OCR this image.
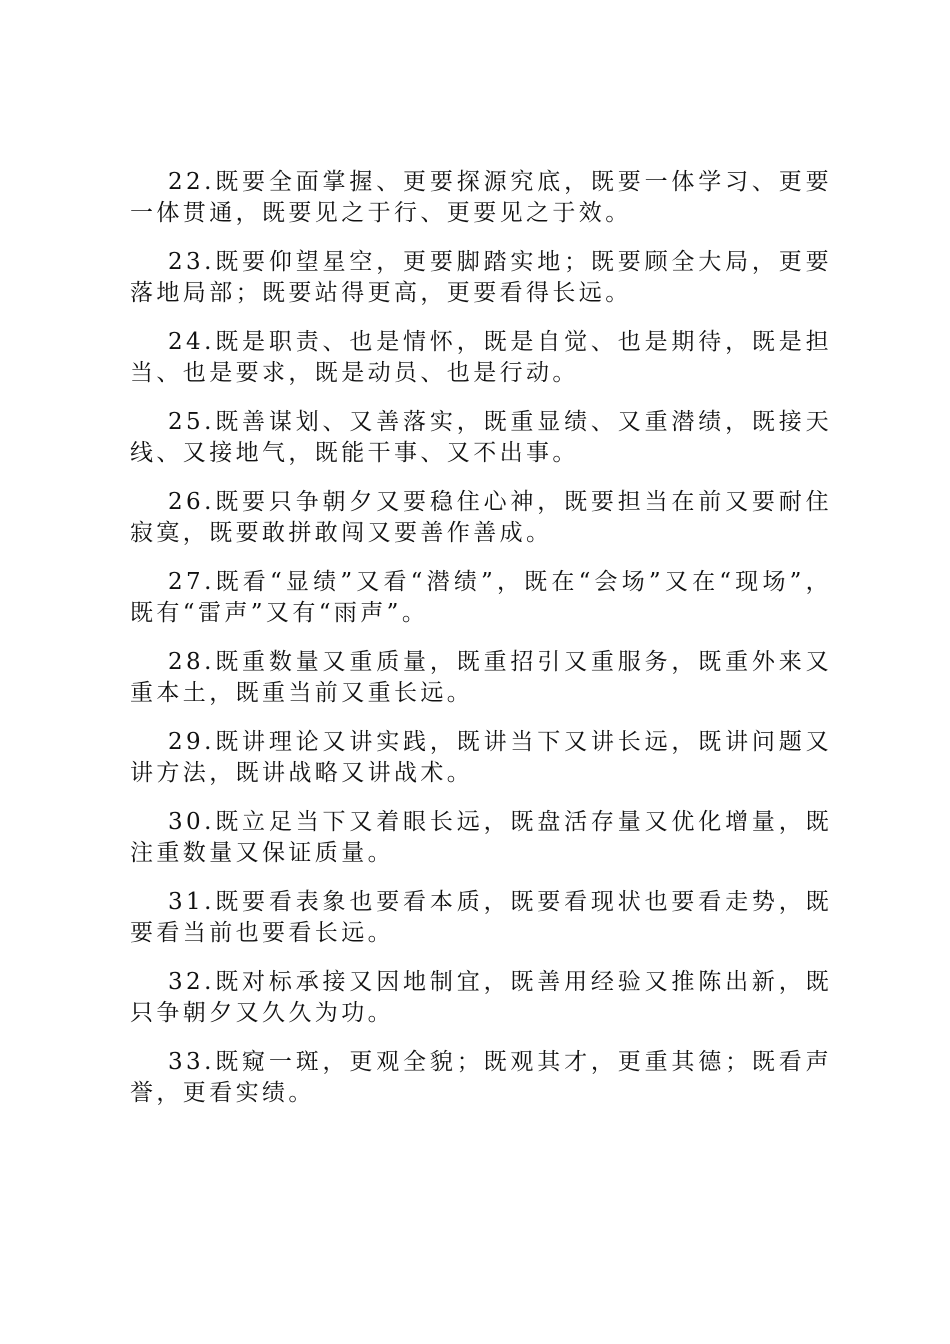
22.既要全面掌握、更要探源究底，既要一体学习、更要一体贯通，既要见之于行、更要见之于效。

23.既要仰望星空，更要脚踏实地；既要顾全大局，更要落地局部；既要站得更高，更要看得长远。

24.既是职责、也是情怀，既是自觉、也是期待，既是担当、也是要求，既是动员、也是行动。

25.既善谋划、又善落实，既重显绩、又重潜绩，既接天线、又接地气，既能干事、又不出事。

26.既要只争朝夕又要稳住心神，既要担当在前又要耐住寂寞，既要敢拼敢闯又要善作善成。

27.既看“显绩”又看“潜绩”，既在“会场”又在“现场”，既有“雷声”又有“雨声”。

28.既重数量又重质量，既重招引又重服务，既重外来又重本土，既重当前又重长远。

29.既讲理论又讲实践，既讲当下又讲长远，既讲问题又讲方法，既讲战略又讲战术。

30.既立足当下又着眼长远，既盘活存量又优化增量，既注重数量又保证质量。

31.既要看表象也要看本质，既要看现状也要看走势，既要看当前也要看长远。

32.既对标承接又因地制宜，既善用经验又推陈出新，既只争朝夕又久久为功。

33.既窥一斑，更观全貌；既观其才，更重其德；既看声誉，更看实绩。
